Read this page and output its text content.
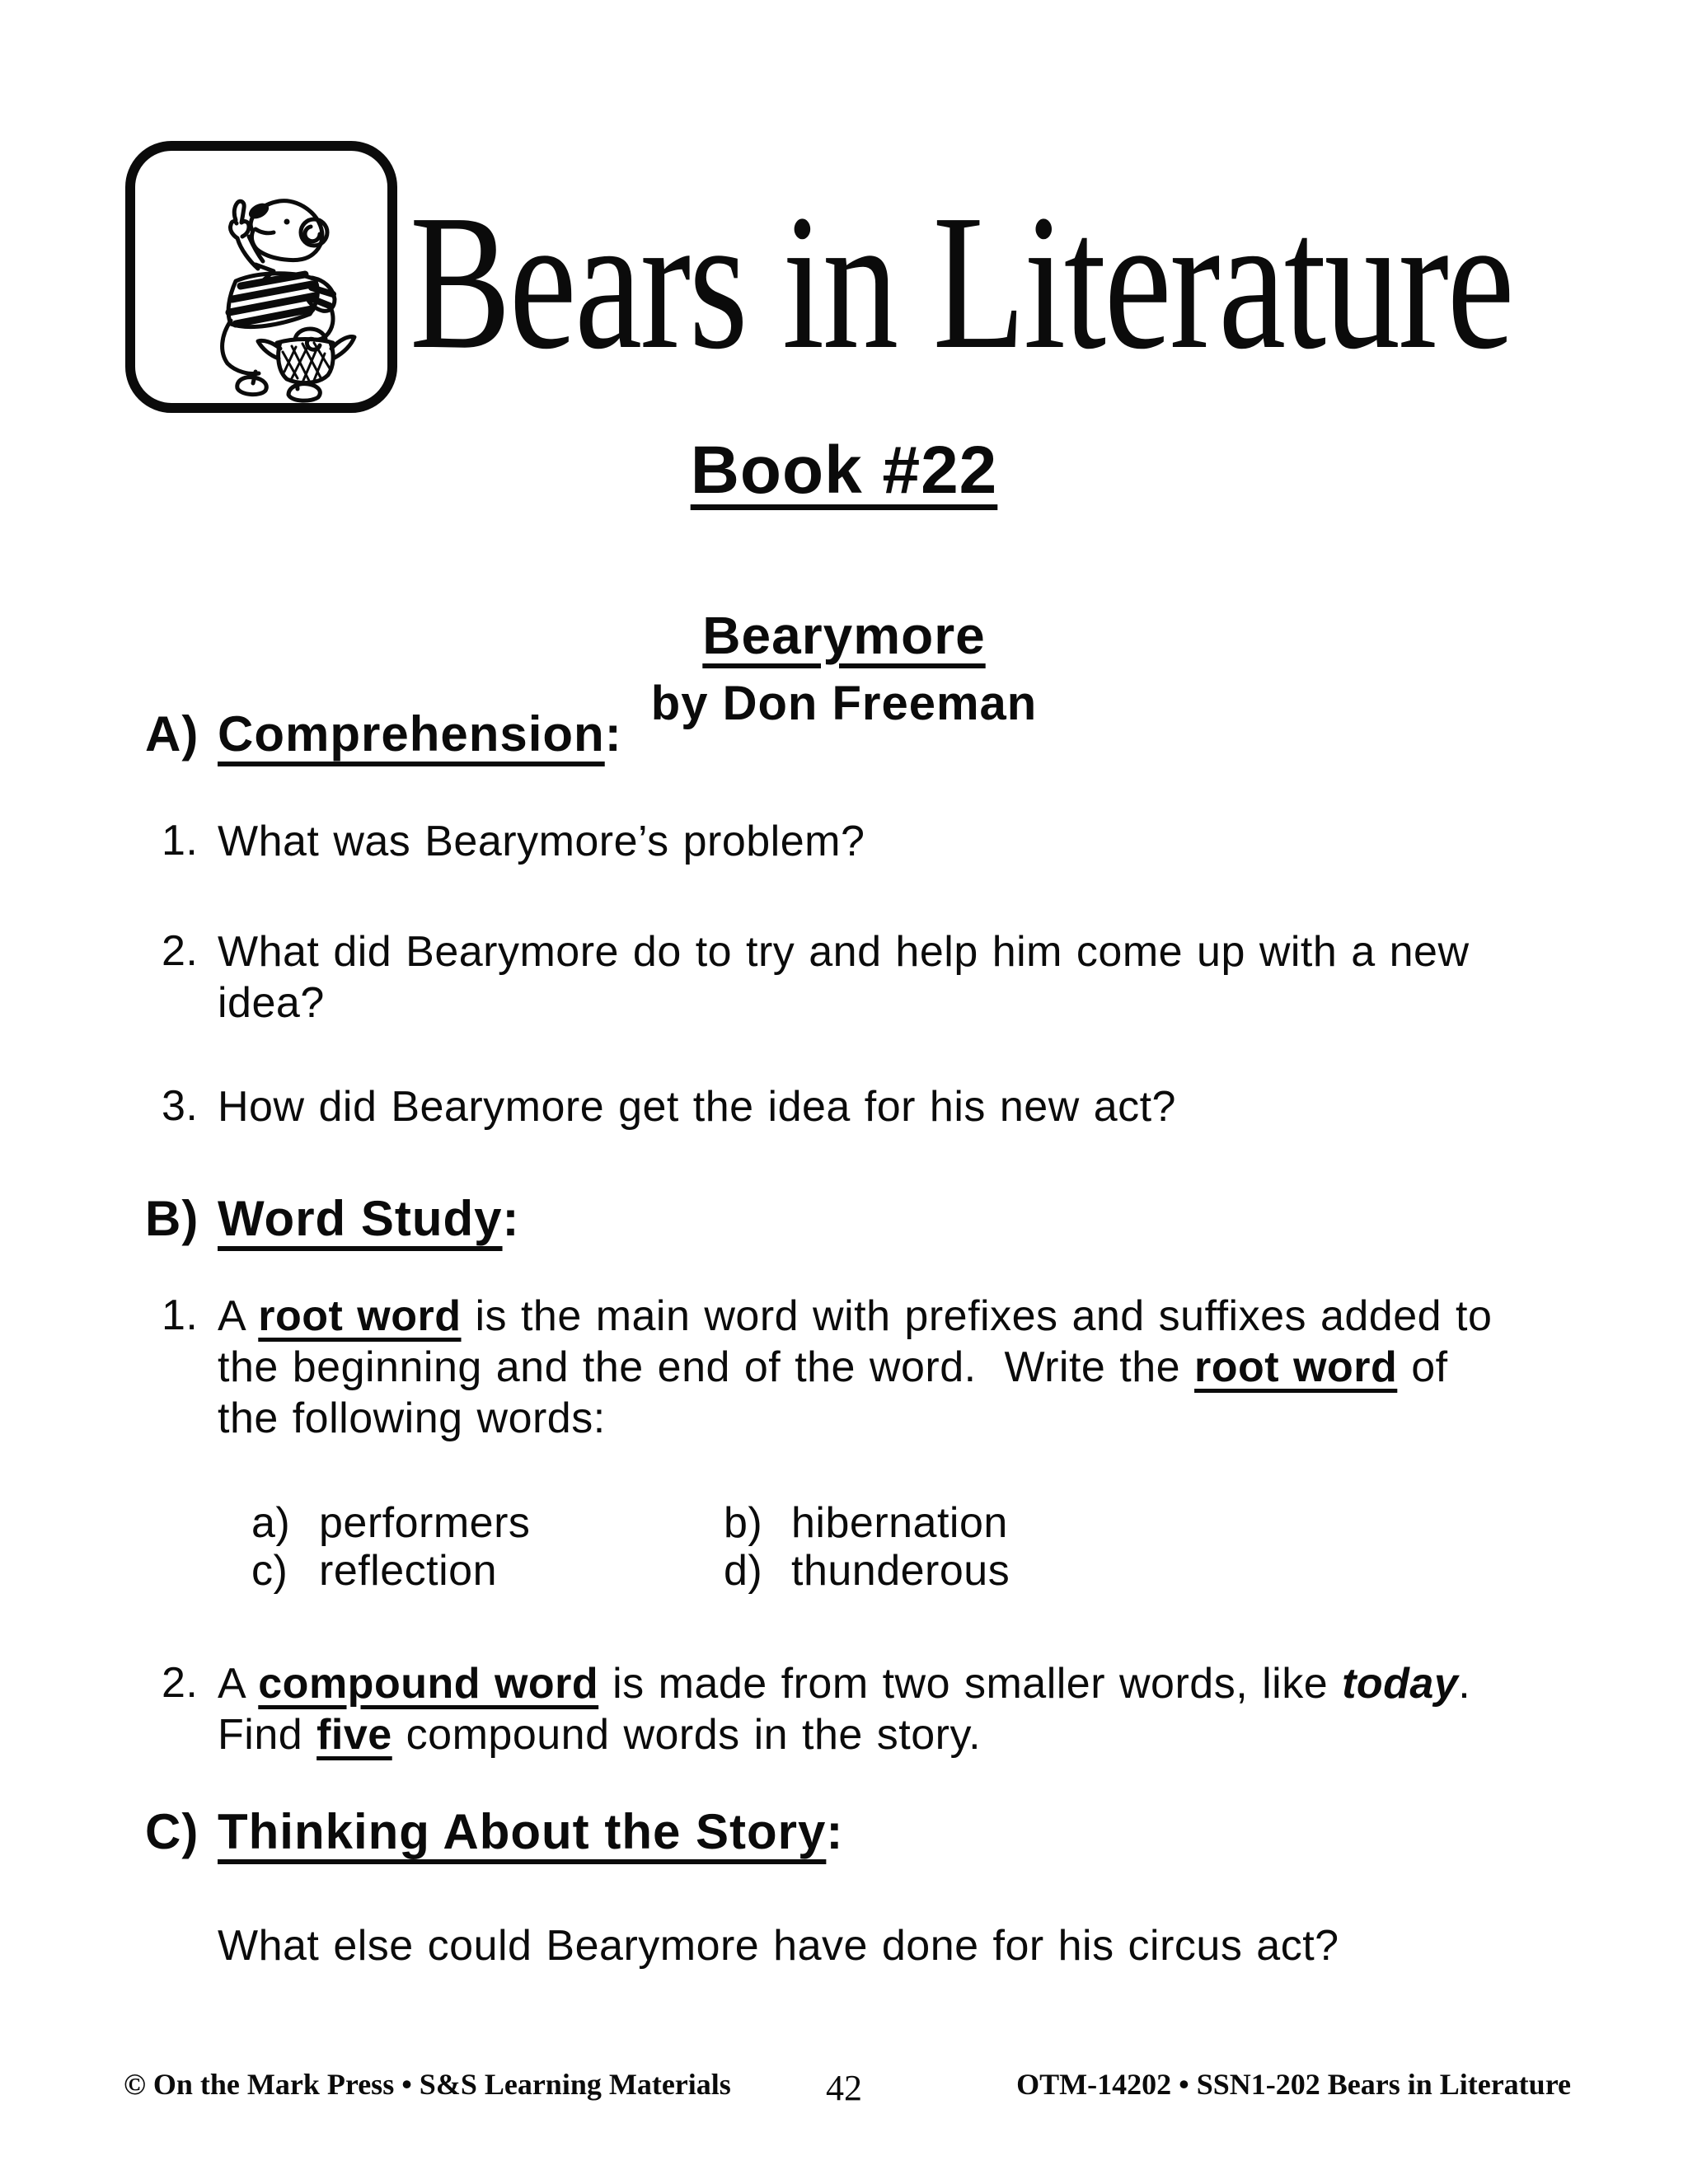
Bears in Literature
Book #22
Bearymore
by Don Freeman
A) Comprehension:
1. What was Bearymore’s problem?
2. What did Bearymore do to try and help him come up with a new
idea?
3. How did Bearymore get the idea for his new act?
B) Word Study:
1. A root word is the main word with prefixes and suffixes added to
the beginning and the end of the word.  Write the root word of
the following words:
a) performers	b) hibernation
c) reflection	d) thunderous
2. A compound word is made from two smaller words, like today.
Find five compound words in the story.
C) Thinking About the Story:
What else could Bearymore have done for his circus act?
© On the Mark Press • S&S Learning Materials	42	OTM-14202 • SSN1-202 Bears in Literature
